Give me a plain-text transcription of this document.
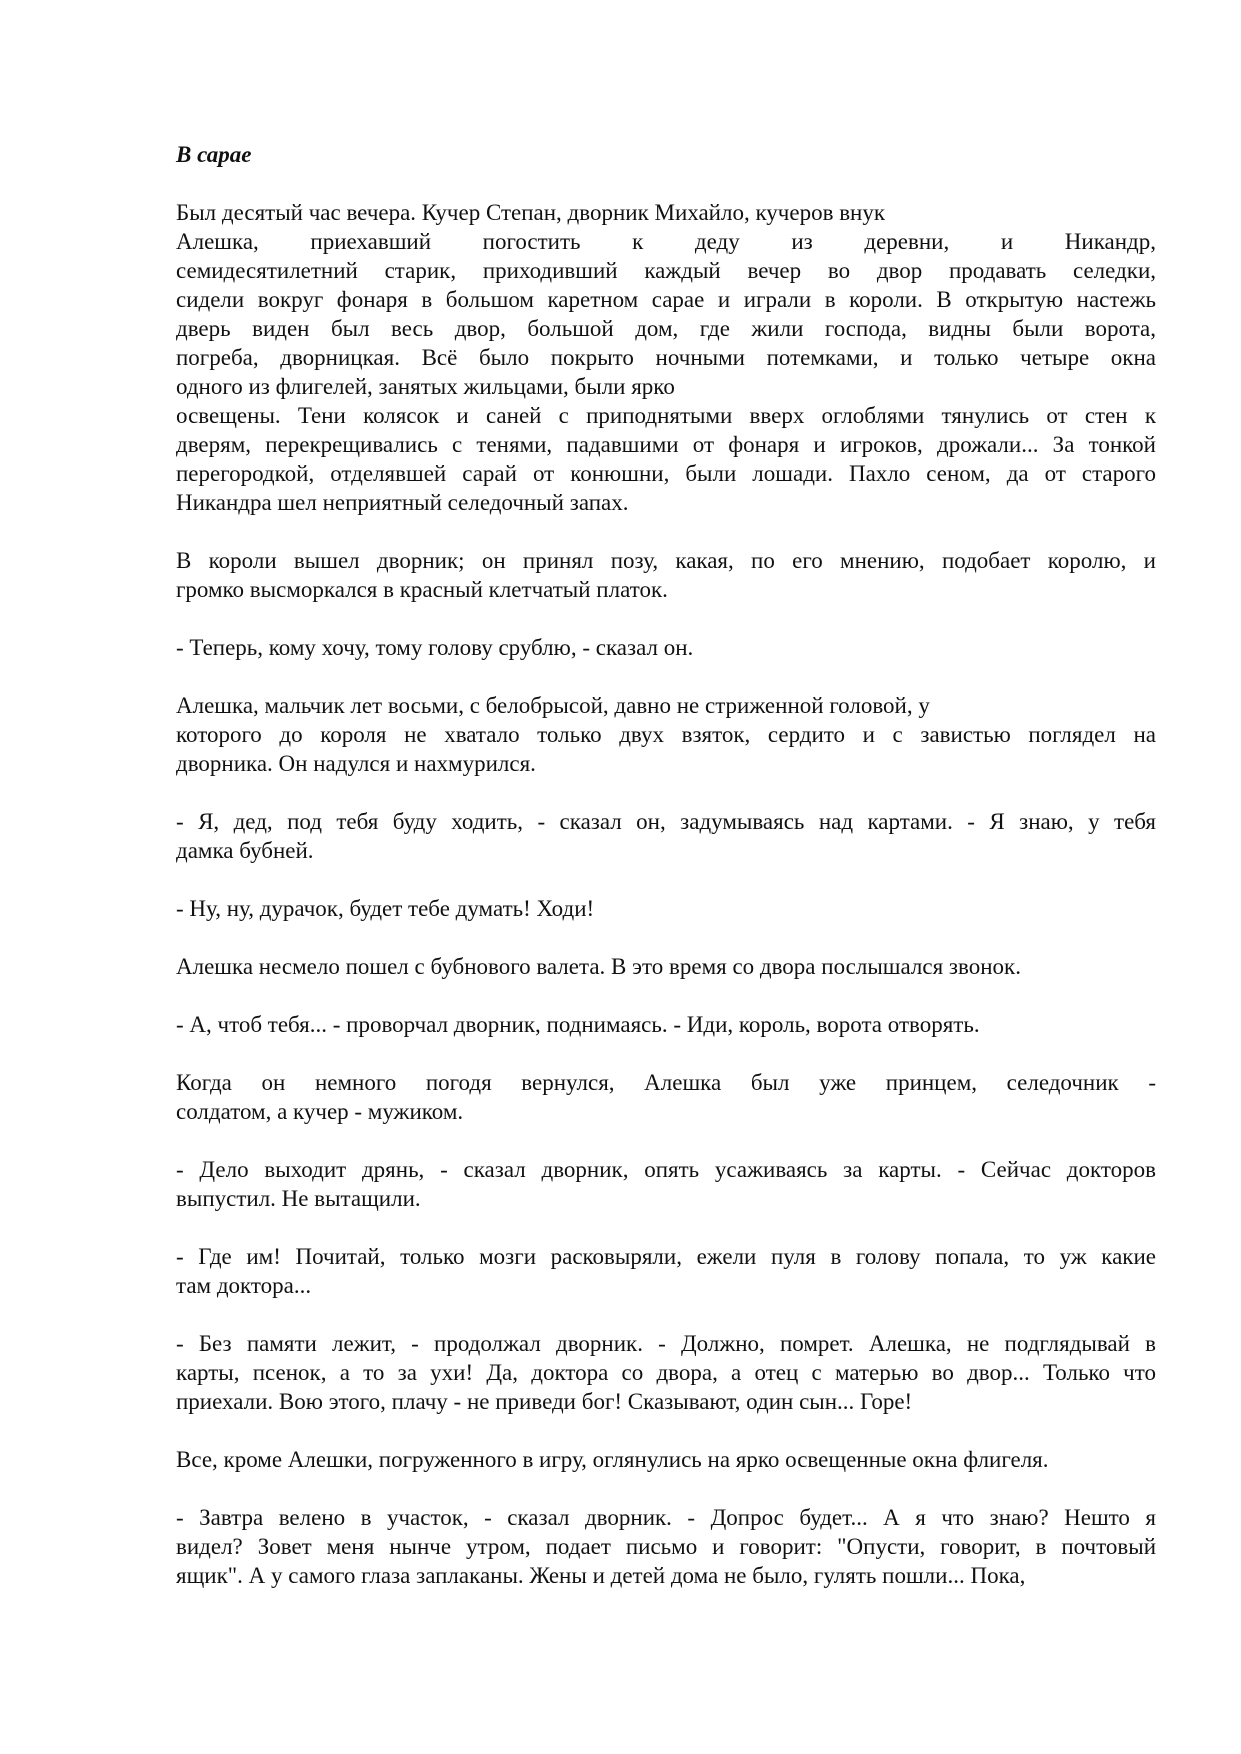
В сарае
Был десятый час вечера. Кучер Степан, дворник Михайло, кучеров внук
Алешка, приехавший погостить к деду из деревни, и Никандр,
семидесятилетний старик, приходивший каждый вечер во двор продавать селедки,
сидели вокруг фонаря в большом каретном сарае и играли в короли. В открытую настежь
дверь виден был весь двор, большой дом, где жили господа, видны были ворота,
погреба, дворницкая. Всё было покрыто ночными потемками, и только четыре окна
одного из флигелей, занятых жильцами, были ярко
освещены. Тени колясок и саней с приподнятыми вверх оглоблями тянулись от стен к
дверям, перекрещивались с тенями, падавшими от фонаря и игроков, дрожали... За тонкой
перегородкой, отделявшей сарай от конюшни, были лошади. Пахло сеном, да от старого
Никандра шел неприятный селедочный запах.
В короли вышел дворник; он принял позу, какая, по его мнению, подобает королю, и
громко высморкался в красный клетчатый платок.
- Теперь, кому хочу, тому голову срублю, - сказал он.
Алешка, мальчик лет восьми, с белобрысой, давно не стриженной головой, у
которого до короля не хватало только двух взяток, сердито и с завистью поглядел на
дворника. Он надулся и нахмурился.
- Я, дед, под тебя буду ходить, - сказал он, задумываясь над картами. - Я знаю, у тебя
дамка бубней.
- Ну, ну, дурачок, будет тебе думать! Ходи!
Алешка несмело пошел с бубнового валета. В это время со двора послышался звонок.
- А, чтоб тебя... - проворчал дворник, поднимаясь. - Иди, король, ворота отворять.
Когда он немного погодя вернулся, Алешка был уже принцем, селедочник -
солдатом, а кучер - мужиком.
- Дело выходит дрянь, - сказал дворник, опять усаживаясь за карты. - Сейчас докторов
выпустил. Не вытащили.
- Где им! Почитай, только мозги расковыряли, ежели пуля в голову попала, то уж какие
там доктора...
- Без памяти лежит, - продолжал дворник. - Должно, помрет. Алешка, не подглядывай в
карты, псенок, а то за ухи! Да, доктора со двора, а отец с матерью во двор... Только что
приехали. Вою этого, плачу - не приведи бог! Сказывают, один сын... Горе!
Все, кроме Алешки, погруженного в игру, оглянулись на ярко освещенные окна флигеля.
- Завтра велено в участок, - сказал дворник. - Допрос будет... А я что знаю? Нешто я
видел? Зовет меня нынче утром, подает письмо и говорит: "Опусти, говорит, в почтовый
ящик". А у самого глаза заплаканы. Жены и детей дома не было, гулять пошли... Пока,
